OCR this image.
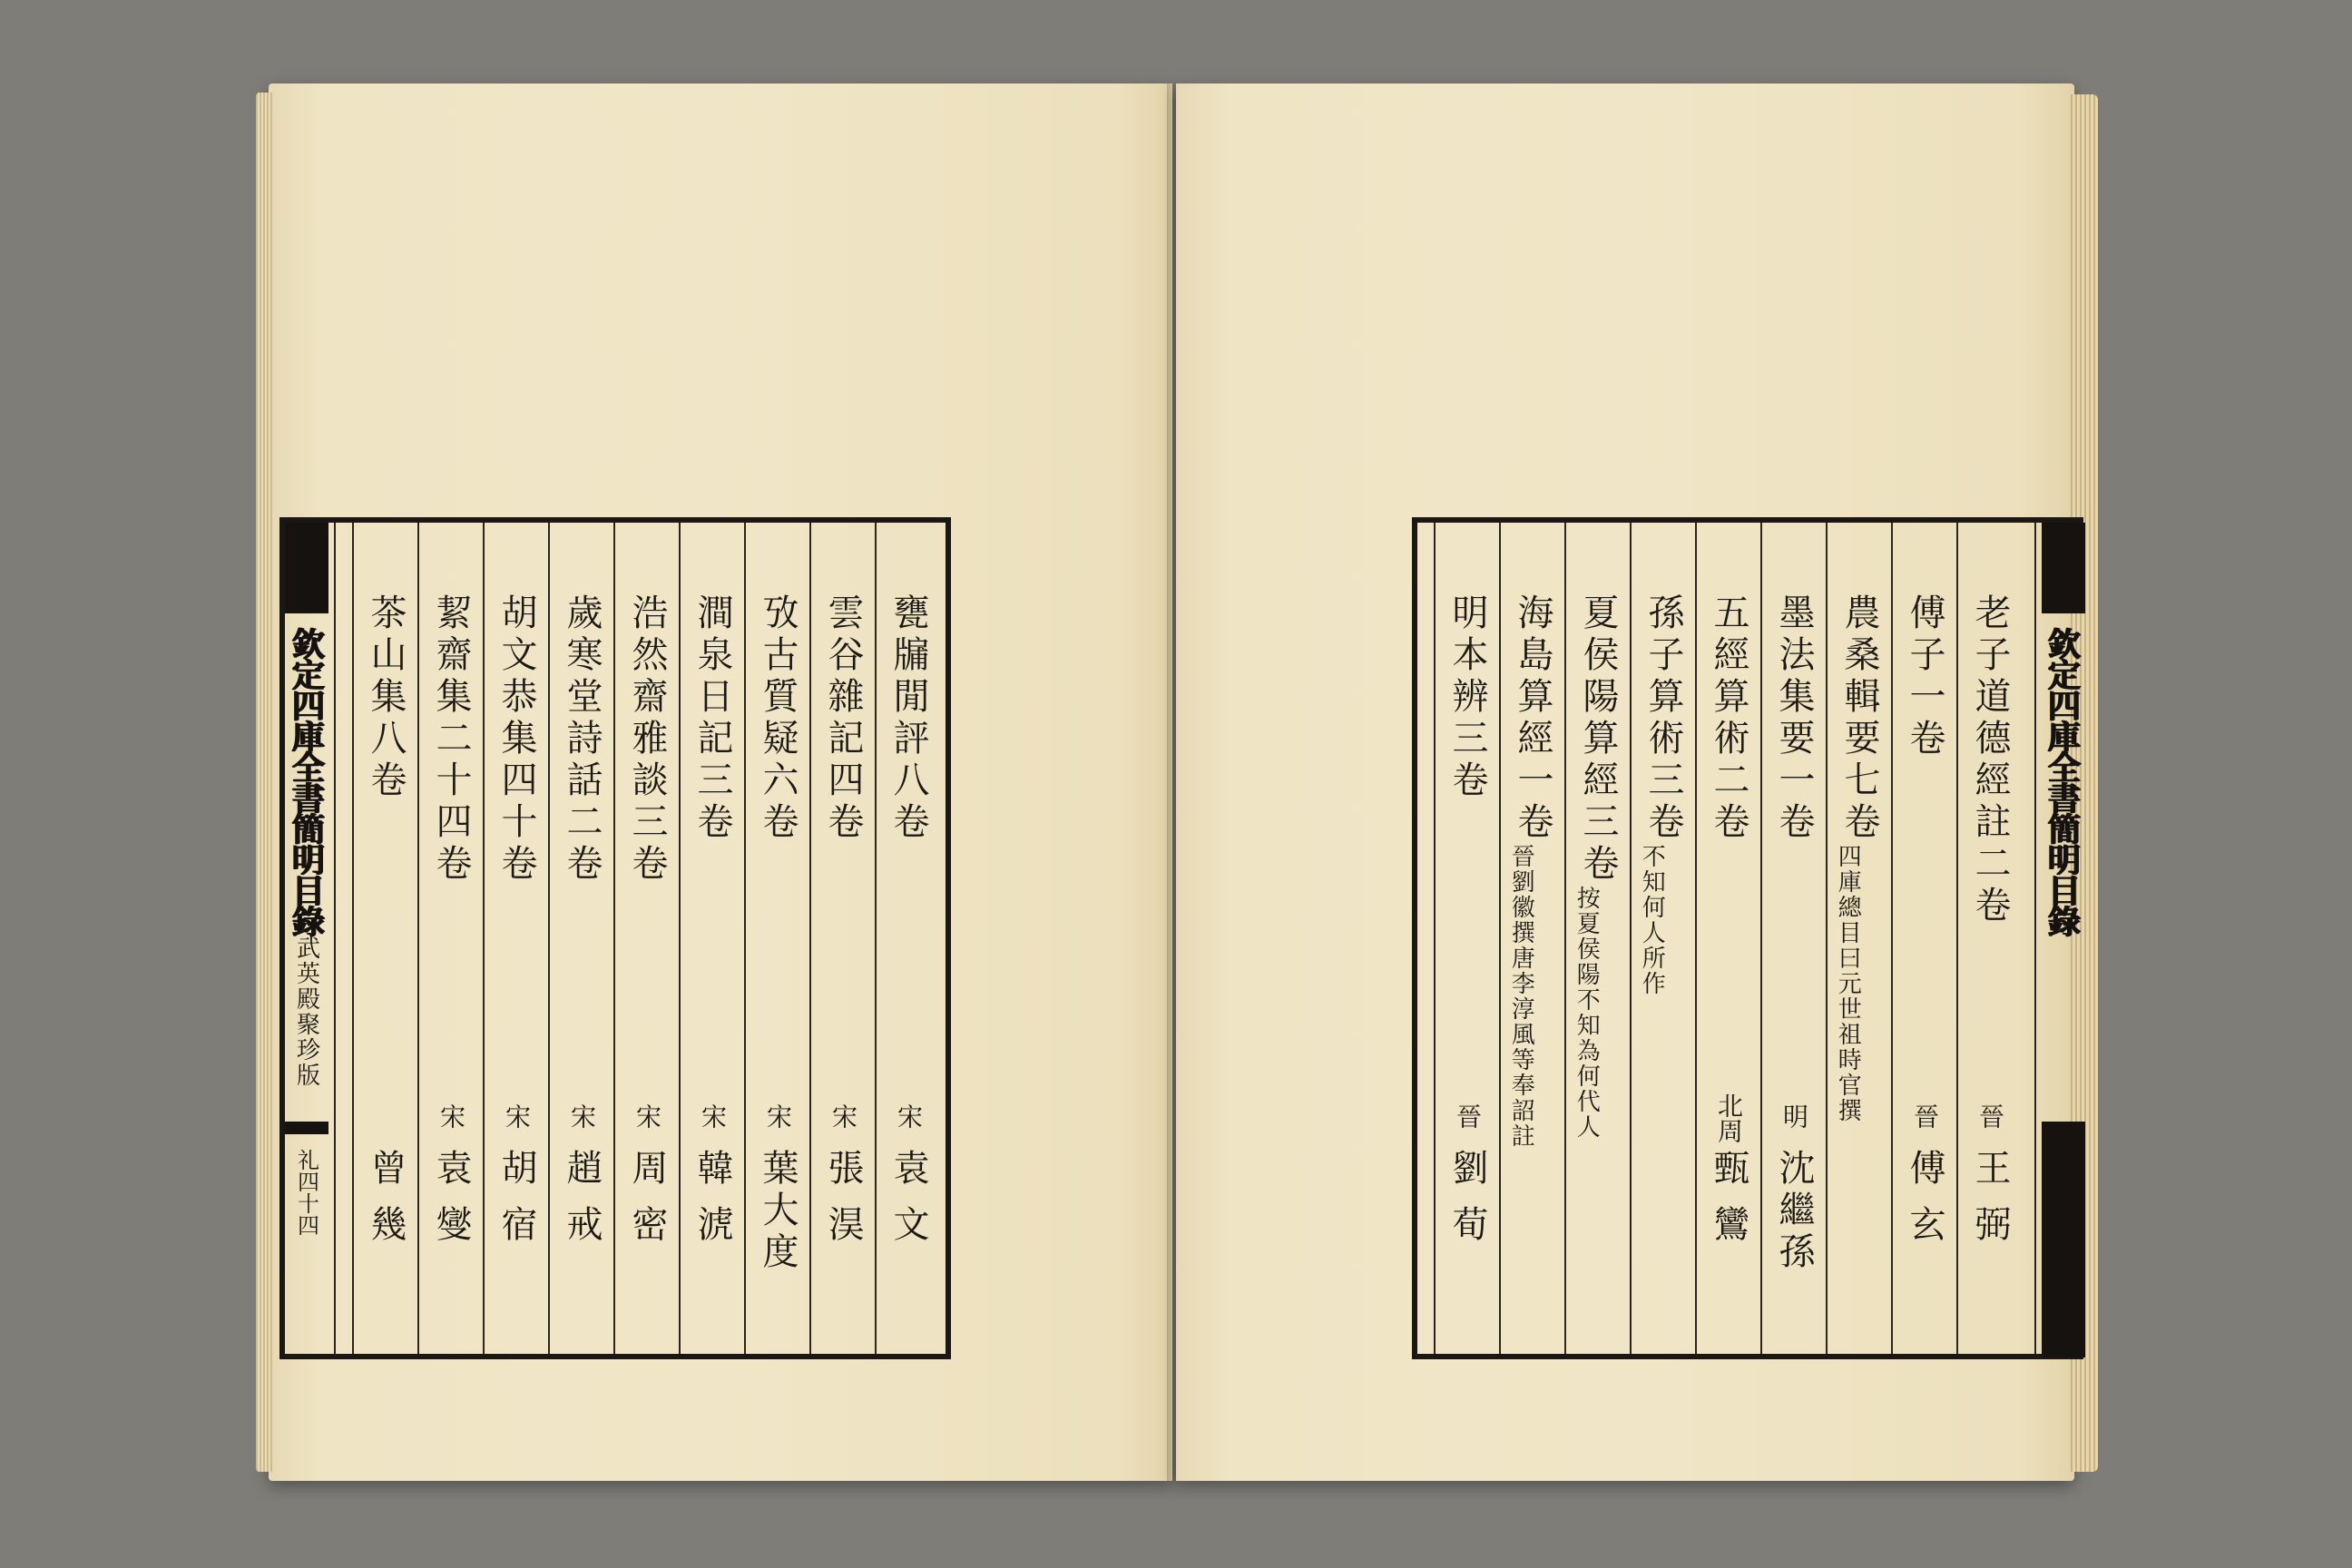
欽定四庫全書簡明目錄
武英殿聚珍版
礼四十四
甕牖閒評八卷
宋
袁文
雲谷雜記四卷
宋
張淏
攷古質疑六卷
宋
葉大度
澗泉日記三卷
宋
韓淲
浩然齋雅談三卷
宋
周密
歲寒堂詩話二卷
宋
趙戒
胡文恭集四十卷
宋
胡宿
絜齋集二十四卷
宋
袁燮
茶山集八卷
曾幾
老子道德經註二卷
晉
王弼
傅子一卷
晉
傅玄
農桑輯要七卷
四庫總目曰元世祖時官撰
墨法集要一卷
明
沈繼孫
五經算術二卷
北周
甄鸞
孫子算術三卷
不知何人所作
夏侯陽算經三卷
按夏侯陽不知為何代人
海島算經一卷
晉劉徽撰唐李淳風等奉詔註
明本辨三卷
晉
劉荀
欽定四庫全書簡明目錄
